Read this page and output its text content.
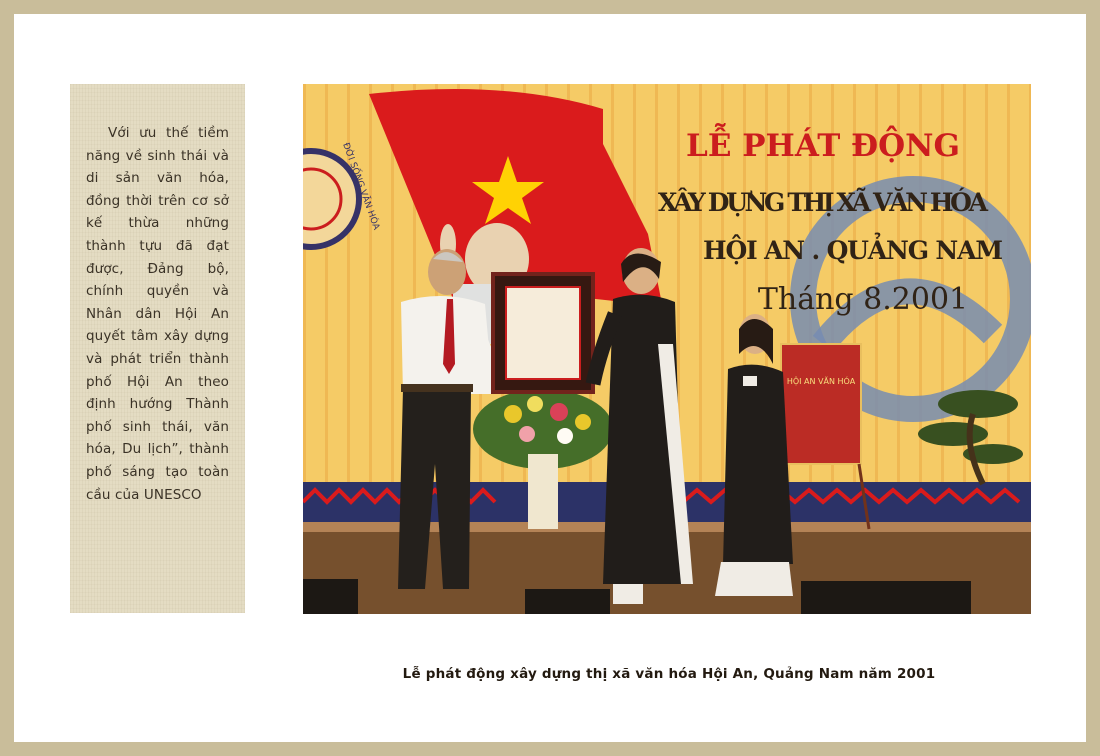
Với ưu thế tiềm năng về sinh thái và di sản văn hóa, đồng thời trên cơ sở kế thừa những thành tựu đã đạt được, Đảng bộ, chính quyền và Nhân dân Hội An quyết tâm xây dựng và phát triển thành phố Hội An theo định hướng Thành phố sinh thái, văn hóa, Du lịch”, thành phố sáng tạo toàn cầu của UNESCO

Lễ phát động xây dựng thị xã văn hóa Hội An, Quảng Nam năm 2001
